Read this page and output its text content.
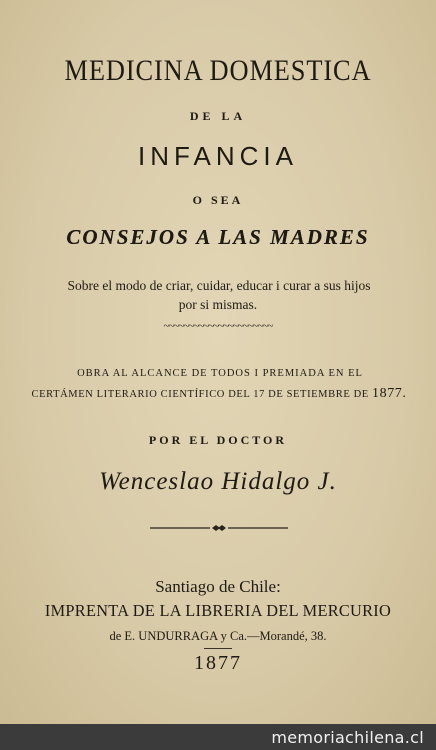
MEDICINA DOMESTICA
DE LA
INFANCIA
O SEA
CONSEJOS A LAS MADRES
Sobre el modo de criar, cuidar, educar i curar a sus hijos
por si mismas.
~~~~~~~~~~~~~~~~~~~~~~
OBRA AL ALCANCE DE TODOS I PREMIADA EN EL
CERTÁMEN LITERARIO CIENTÍFICO DEL 17 DE SETIEMBRE DE 1877.
POR EL DOCTOR
Wenceslao Hidalgo J.
Santiago de Chile:
IMPRENTA DE LA LIBRERIA DEL MERCURIO
de E. UNDURRAGA y Ca.—Morandé, 38.
1877
memoriachilena.cl
